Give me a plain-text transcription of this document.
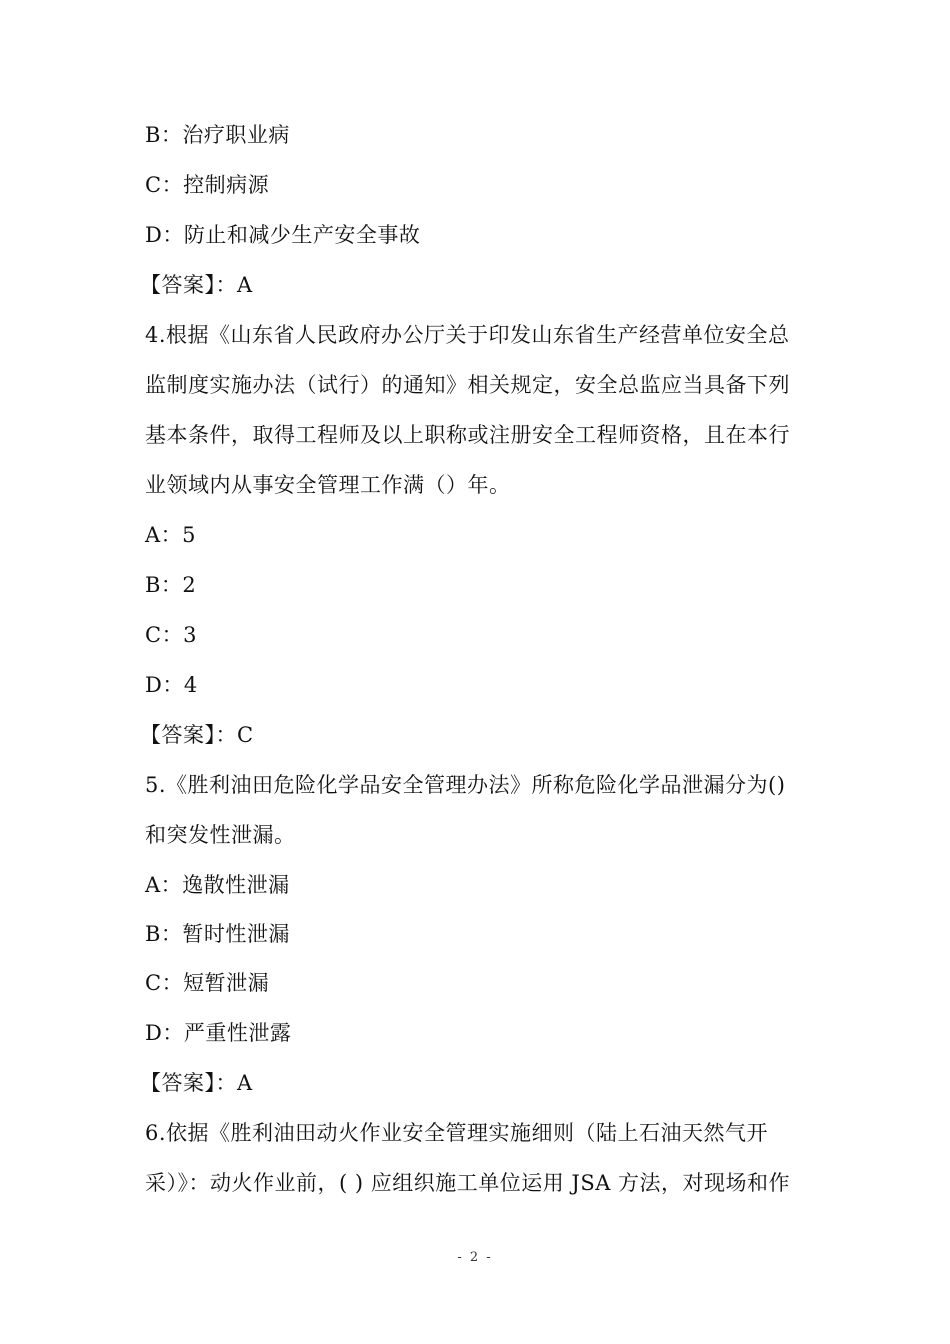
B：治疗职业病
C：控制病源
D：防止和减少生产安全事故
【答案】：A
4.根据《山东省人民政府办公厅关于印发山东省生产经营单位安全总
监制度实施办法（试行）的通知》相关规定，安全总监应当具备下列
基本条件，取得工程师及以上职称或注册安全工程师资格，且在本行
业领域内从事安全管理工作满（）年。
A：5
B：2
C：3
D：4
【答案】：C
5.《胜利油田危险化学品安全管理办法》所称危险化学品泄漏分为()
和突发性泄漏。
A：逸散性泄漏
B：暂时性泄漏
C：短暂泄漏
D：严重性泄露
【答案】：A
6.依据《胜利油田动火作业安全管理实施细则（陆上石油天然气开
采）》：动火作业前，( ) 应组织施工单位运用 JSA 方法，对现场和作
- 2 -
